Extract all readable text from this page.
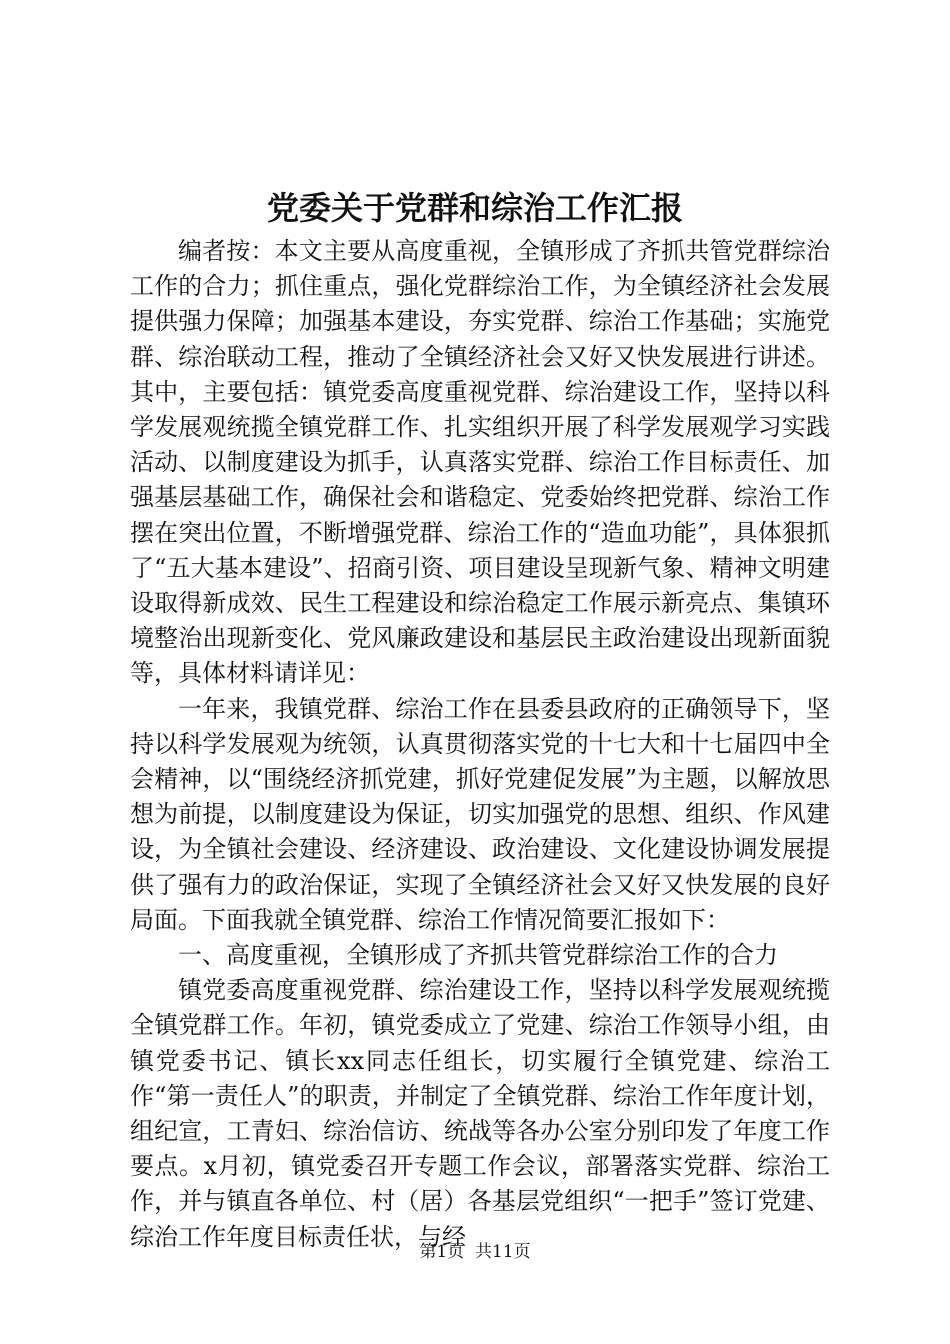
党委关于党群和综治工作汇报

编者按：本文主要从高度重视，全镇形成了齐抓共管党群综治工作的合力；抓住重点，强化党群综治工作，为全镇经济社会发展提供强力保障；加强基本建设，夯实党群、综治工作基础；实施党群、综治联动工程，推动了全镇经济社会又好又快发展进行讲述。其中，主要包括：镇党委高度重视党群、综治建设工作，坚持以科学发展观统揽全镇党群工作、扎实组织开展了科学发展观学习实践活动、以制度建设为抓手，认真落实党群、综治工作目标责任、加强基层基础工作，确保社会和谐稳定、党委始终把党群、综治工作摆在突出位置，不断增强党群、综治工作的“造血功能”，具体狠抓了“五大基本建设”、招商引资、项目建设呈现新气象、精神文明建设取得新成效、民生工程建设和综治稳定工作展示新亮点、集镇环境整治出现新变化、党风廉政建设和基层民主政治建设出现新面貌等，具体材料请详见：

一年来，我镇党群、综治工作在县委县政府的正确领导下，坚持以科学发展观为统领，认真贯彻落实党的十七大和十七届四中全会精神，以“围绕经济抓党建，抓好党建促发展”为主题，以解放思想为前提，以制度建设为保证，切实加强党的思想、组织、作风建设，为全镇社会建设、经济建设、政治建设、文化建设协调发展提供了强有力的政治保证，实现了全镇经济社会又好又快发展的良好局面。下面我就全镇党群、综治工作情况简要汇报如下：

一、高度重视，全镇形成了齐抓共管党群综治工作的合力

镇党委高度重视党群、综治建设工作，坚持以科学发展观统揽全镇党群工作。年初，镇党委成立了党建、综治工作领导小组，由镇党委书记、镇长xx同志任组长，切实履行全镇党建、综治工作“第一责任人”的职责，并制定了全镇党群、综治工作年度计划，组纪宣，工青妇、综治信访、统战等各办公室分别印发了年度工作要点。x月初，镇党委召开专题工作会议，部署落实党群、综治工作，并与镇直各单位、村（居）各基层党组织“一把手”签订党建、综治工作年度目标责任状，与经

第1页  共11页
